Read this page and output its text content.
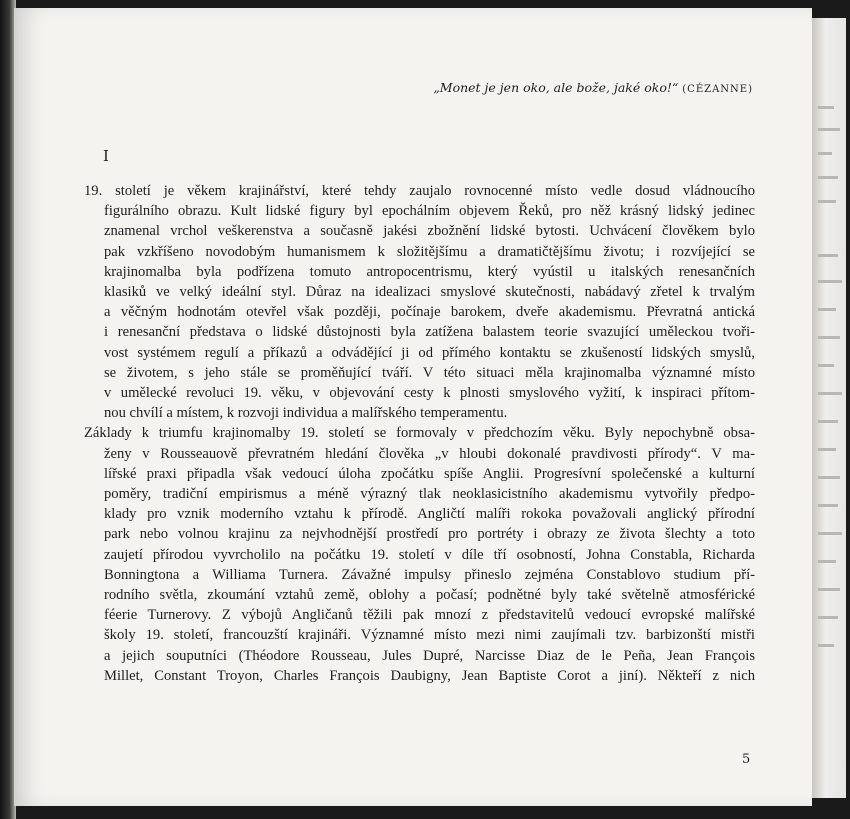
„Monet je jen oko, ale bože, jaké oko!“ (CÉZANNE)
I
19. století je věkem krajinářství, které tehdy zaujalo rovnocenné místo vedle dosud vládnoucího
figurálního obrazu. Kult lidské figury byl epochálním objevem Řeků, pro něž krásný lidský jedinec
znamenal vrchol veškerenstva a současně jakési zbožnění lidské bytosti. Uchvácení člověkem bylo
pak vzkříšeno novodobým humanismem k složitějšímu a dramatičtějšímu životu; i rozvíjející se
krajinomalba byla podřízena tomuto antropocentrismu, který vyústil u italských renesančních
klasiků ve velký ideální styl. Důraz na idealizaci smyslové skutečnosti, nabádavý zřetel k trvalým
a věčným hodnotám otevřel však později, počínaje barokem, dveře akademismu. Převratná antická
i renesanční představa o lidské důstojnosti byla zatížena balastem teorie svazující uměleckou tvoři-
vost systémem regulí a příkazů a odvádějící ji od přímého kontaktu se zkušeností lidských smyslů,
se životem, s jeho stále se proměňující tváří. V této situaci měla krajinomalba významné místo
v umělecké revoluci 19. věku, v objevování cesty k plnosti smyslového vyžití, k inspiraci přítom-
nou chvílí a místem, k rozvoji individua a malířského temperamentu.
Základy k triumfu krajinomalby 19. století se formovaly v předchozím věku. Byly nepochybně obsa-
ženy v Rousseauově převratném hledání člověka „v hloubi dokonalé pravdivosti přírody“. V ma-
lířské praxi připadla však vedoucí úloha zpočátku spíše Anglii. Progresívní společenské a kulturní
poměry, tradiční empirismus a méně výrazný tlak neoklasicistního akademismu vytvořily předpo-
klady pro vznik moderního vztahu k přírodě. Angličtí malíři rokoka považovali anglický přírodní
park nebo volnou krajinu za nejvhodnější prostředí pro portréty i obrazy ze života šlechty a toto
zaujetí přírodou vyvrcholilo na počátku 19. století v díle tří osobností, Johna Constabla, Richarda
Bonningtona a Williama Turnera. Závažné impulsy přineslo zejména Constablovo studium pří-
rodního světla, zkoumání vztahů země, oblohy a počasí; podnětné byly také světelně atmosférické
féerie Turnerovy. Z výbojů Angličanů těžili pak mnozí z představitelů vedoucí evropské malířské
školy 19. století, francouzští krajináři. Významné místo mezi nimi zaujímali tzv. barbizonští mistři
a jejich souputníci (Théodore Rousseau, Jules Dupré, Narcisse Diaz de le Peña, Jean François
Millet, Constant Troyon, Charles François Daubigny, Jean Baptiste Corot a jiní). Někteří z nich
5
